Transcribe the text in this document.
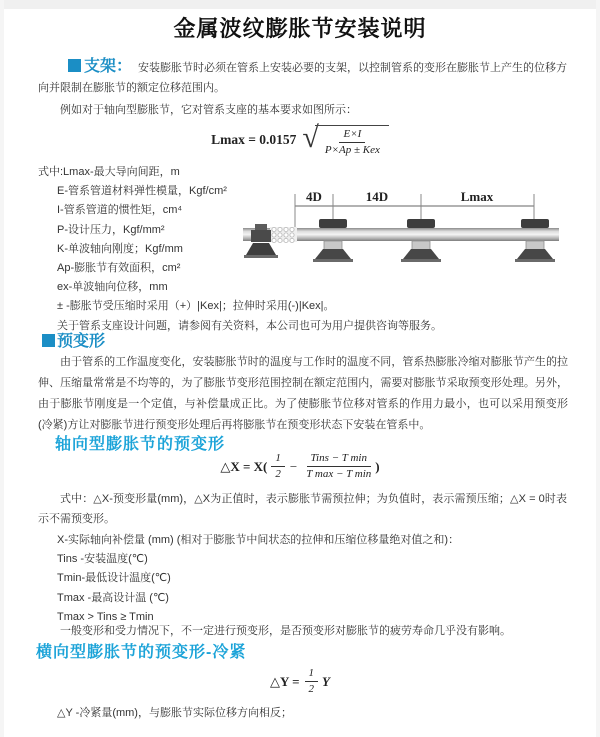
金属波纹膨胀节安装说明

支架： 安装膨胀节时必须在管系上安装必要的支架，以控制管系的变形在膨胀节上产生的位移方向并限制在膨胀节的额定位移范围内。

例如对于轴向型膨胀节，它对管系支座的基本要求如图所示：

Lmax = 0.0157 √ $\frac{E\times I}{\text{P×Ap ± Kex}}$
式中:Lmax-最大导向间距，m
E-管系管道材料弹性模量，Kgf/cm²
I-管系管道的惯性矩，cm⁴
P-设计压力，Kgf/mm²
K-单波轴向刚度；Kgf/mm
Ap-膨胀节有效面积，cm²
ex-单波轴向位移，mm
± -膨胀节受压缩时采用（+）|Kex|；拉伸时采用(-)|Kex|。
关于管系支座设计问题，请参阅有关资料，本公司也可为用户提供咨询等服务。
4D	14D	Lmax
预变形

由于管系的工作温度变化，安装膨胀节时的温度与工作时的温度不同，管系热膨胀冷缩对膨胀节产生的拉伸、压缩量常常是不均等的，为了膨胀节变形范围控制在额定范围内，需要对膨胀节采取预变形处理。另外，由于膨胀节刚度是一个定值，与补偿量成正比。为了使膨胀节位移对管系的作用力最小，也可以采用预变形(冷紧)方让对膨胀节进行预变形处理后再将膨胀节在预变形状态下安装在管系中。

轴向型膨胀节的预变形
△X = $X( \frac{1}{2} - \frac{\text{Tins − T min}}{\text{T max − T min}}$ )

式中：△X-预变形量(mm)，△X为正值时，表示膨胀节需预拉伸；为负值时，表示需预压缩；△X = 0时表示不需预变形。

X-实际轴向补偿量 (mm) (相对于膨胀节中间状态的拉伸和压缩位移量绝对值之和)：
Tins -安装温度(℃)
Tmin-最低设计温度(℃)
Tmax -最高设计温 (℃)
Tmax > Tins ≥ Tmin

一般变形和受力情况下，不一定进行预变形，是否预变形对膨胀节的疲劳寿命几乎没有影响。

横向型膨胀节的预变形-冷紧
△Y = $\frac{1}{2}$ Y

△Y -冷紧量(mm)，与膨胀节实际位移方向相反；
